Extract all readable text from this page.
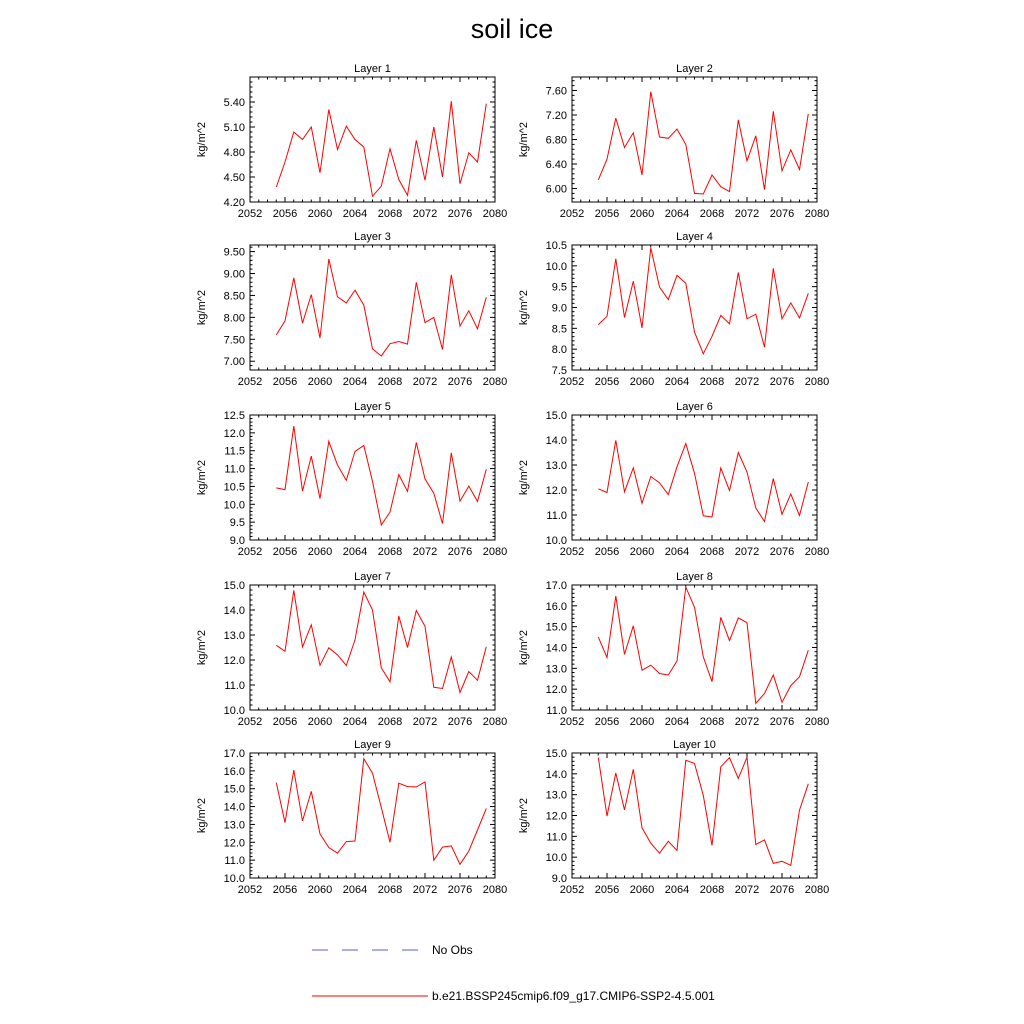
soil ice
Layer 1
2052 2056 2060 2064 2068 2072 2076 2080
4.20
4.50
4.80
5.10
5.40
kg/m^2
Layer 2
2052 2056 2060 2064 2068 2072 2076 2080
6.00
6.40
6.80
7.20
7.60
kg/m^2
Layer 3
2052 2056 2060 2064 2068 2072 2076 2080
7.00
7.50
8.00
8.50
9.00
9.50
kg/m^2
Layer 4
2052 2056 2060 2064 2068 2072 2076 2080
7.5
8.0
8.5
9.0
9.5
10.0
10.5
kg/m^2
Layer 5
2052 2056 2060 2064 2068 2072 2076 2080
9.0
9.5
10.0
10.5
11.0
11.5
12.0
12.5
kg/m^2
Layer 6
2052 2056 2060 2064 2068 2072 2076 2080
10.0
11.0
12.0
13.0
14.0
15.0
kg/m^2
Layer 7
2052 2056 2060 2064 2068 2072 2076 2080
10.0
11.0
12.0
13.0
14.0
15.0
kg/m^2
Layer 8
2052 2056 2060 2064 2068 2072 2076 2080
11.0
12.0
13.0
14.0
15.0
16.0
17.0
kg/m^2
Layer 9
2052 2056 2060 2064 2068 2072 2076 2080
10.0
11.0
12.0
13.0
14.0
15.0
16.0
17.0
kg/m^2
Layer 10
2052 2056 2060 2064 2068 2072 2076 2080
9.0
10.0
11.0
12.0
13.0
14.0
15.0
kg/m^2
No Obs
b.e21.BSSP245cmip6.f09_g17.CMIP6-SSP2-4.5.001
